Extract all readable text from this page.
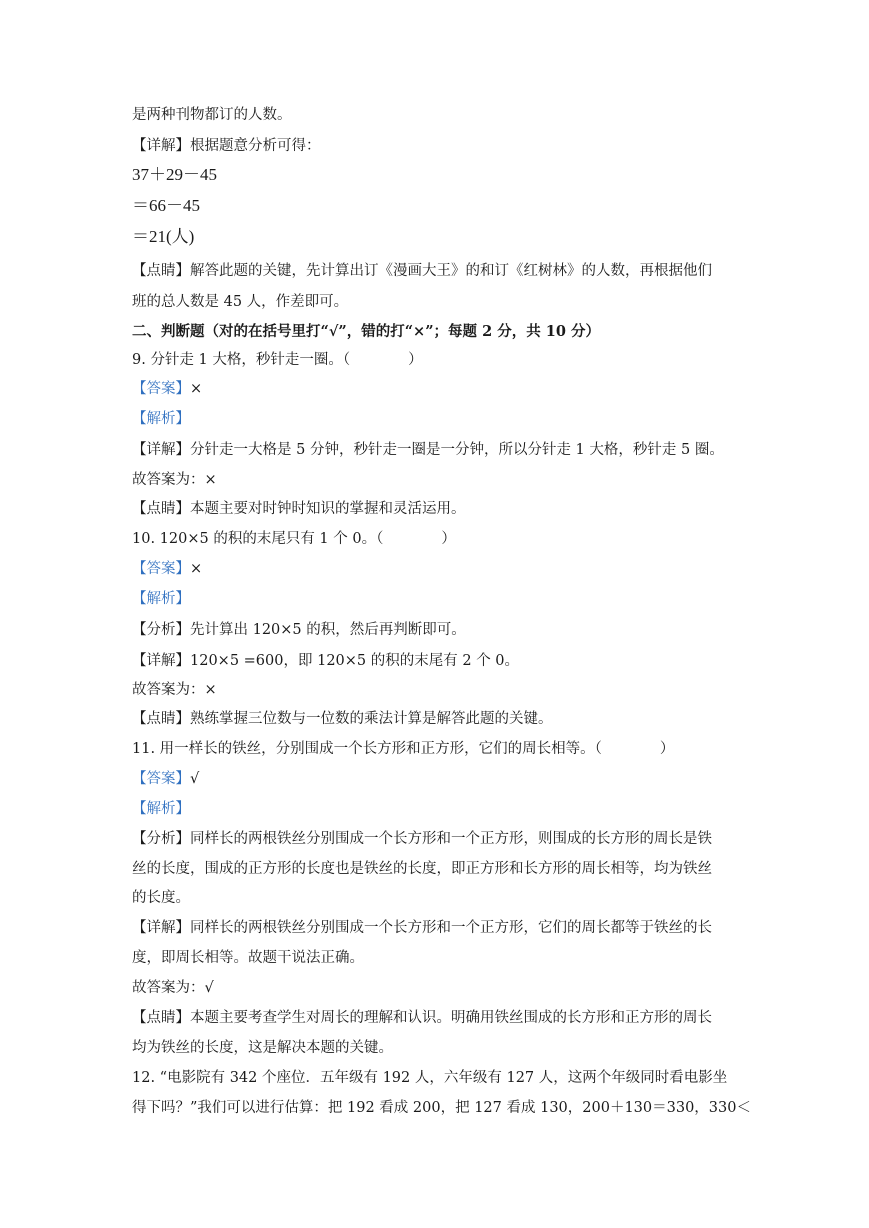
是两种刊物都订的人数。
【详解】根据题意分析可得：
37＋29－45
＝66－45
＝21(人)
【点睛】解答此题的关键，先计算出订《漫画大王》的和订《红树林》的人数，再根据他们
班的总人数是 45 人，作差即可。
二、判断题（对的在括号里打“√”，错的打“×”；每题 2 分，共 10 分）
9. 分针走 1 大格，秒针走一圈。（　　　　）
【答案】×
【解析】
【详解】分针走一大格是 5 分钟，秒针走一圈是一分钟，所以分针走 1 大格，秒针走 5 圈。
故答案为：×
【点睛】本题主要对时钟时知识的掌握和灵活运用。
10. 120×5 的积的末尾只有 1 个 0。（　　　　）
【答案】×
【解析】
【分析】先计算出 120×5 的积，然后再判断即可。
【详解】120×5 =600，即 120×5 的积的末尾有 2 个 0。
故答案为：×
【点睛】熟练掌握三位数与一位数的乘法计算是解答此题的关键。
11. 用一样长的铁丝，分别围成一个长方形和正方形，它们的周长相等。（　　　　）
【答案】√
【解析】
【分析】同样长的两根铁丝分别围成一个长方形和一个正方形，则围成的长方形的周长是铁
丝的长度，围成的正方形的长度也是铁丝的长度，即正方形和长方形的周长相等，均为铁丝
的长度。
【详解】同样长的两根铁丝分别围成一个长方形和一个正方形，它们的周长都等于铁丝的长
度，即周长相等。故题干说法正确。
故答案为：√
【点睛】本题主要考查学生对周长的理解和认识。明确用铁丝围成的长方形和正方形的周长
均为铁丝的长度，这是解决本题的关键。
12. “电影院有 342 个座位．五年级有 192 人，六年级有 127 人，这两个年级同时看电影坐
得下吗？”我们可以进行估算：把 192 看成 200，把 127 看成 130，200＋130＝330，330＜
